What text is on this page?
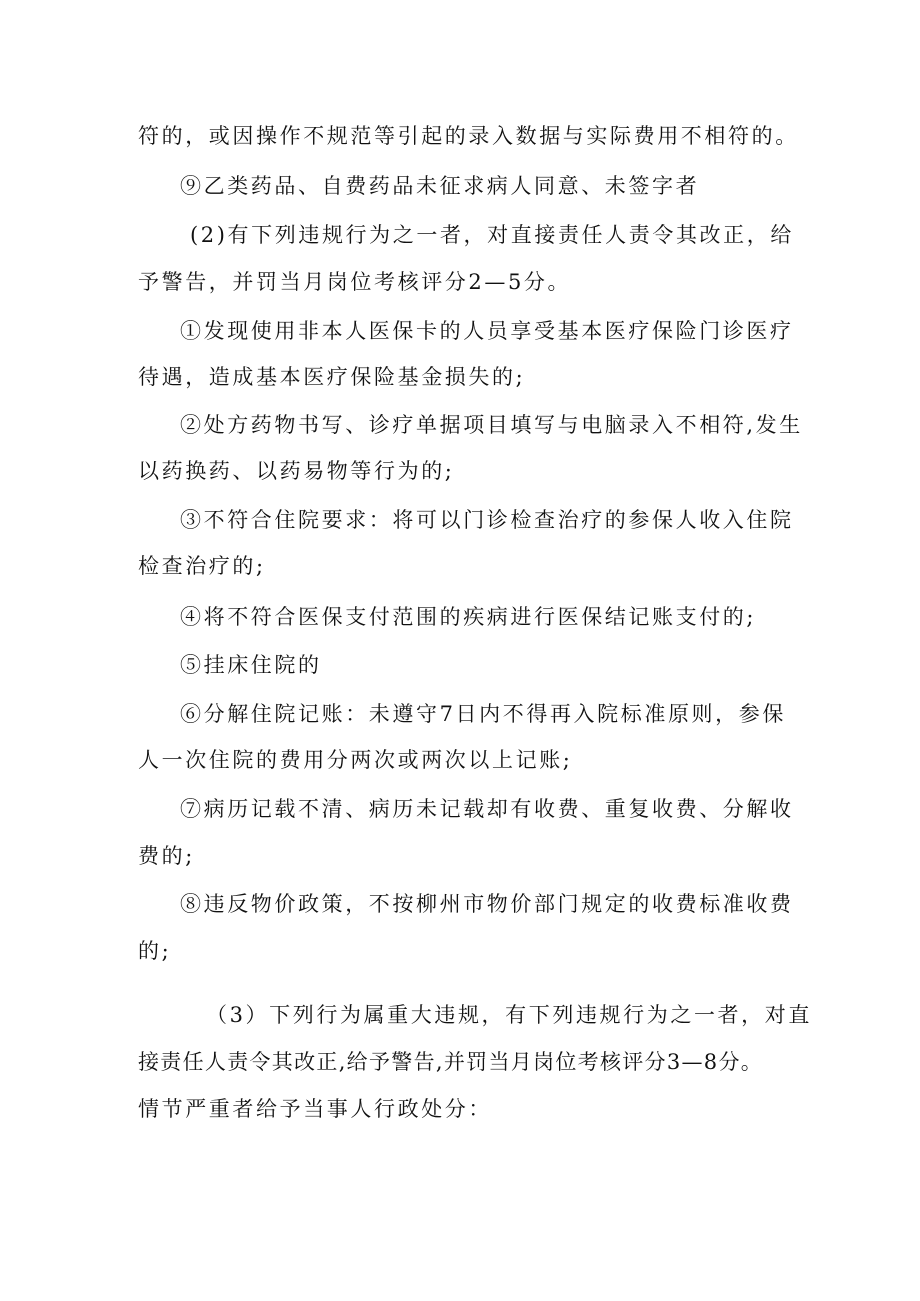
符的，或因操作不规范等引起的录入数据与实际费用不相符的。
⑨乙类药品、自费药品未征求病人同意、未签字者
(2)有下列违规行为之一者，对直接责任人责令其改正，给
予警告，并罚当月岗位考核评分2—5分。
①发现使用非本人医保卡的人员享受基本医疗保险门诊医疗
待遇，造成基本医疗保险基金损失的;
②处方药物书写、诊疗单据项目填写与电脑录入不相符,发生
以药换药、以药易物等行为的;
③不符合住院要求：将可以门诊检查治疗的参保人收入住院
检查治疗的;
④将不符合医保支付范围的疾病进行医保结记账支付的;
⑤挂床住院的
⑥分解住院记账：未遵守7日内不得再入院标准原则，参保
人一次住院的费用分两次或两次以上记账;
⑦病历记载不清、病历未记载却有收费、重复收费、分解收
费的;
⑧违反物价政策，不按柳州市物价部门规定的收费标准收费
的;
（3）下列行为属重大违规，有下列违规行为之一者，对直
接责任人责令其改正,给予警告,并罚当月岗位考核评分3—8分。
情节严重者给予当事人行政处分：
